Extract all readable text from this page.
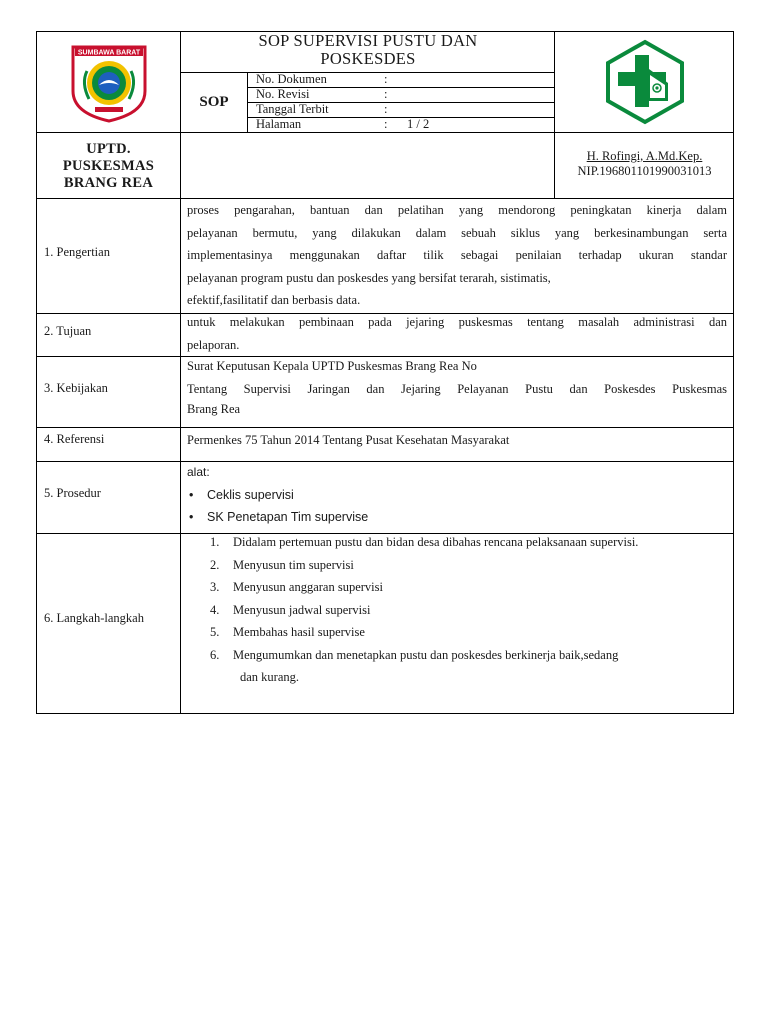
SUMBAWA BARAT
SOP SUPERVISI PUSTU DAN
POSKESDES
SOP
No. Dokumen	:
No. Revisi	:
Tanggal Terbit	:
Halaman	: 1 / 2
UPTD.
PUSKESMAS
BRANG REA
H. Rofingi, A.Md.Kep.
NIP.196801101990031013
1. Pengertian
proses pengarahan, bantuan dan pelatihan yang mendorong peningkatan kinerja dalam
pelayanan bermutu, yang dilakukan dalam sebuah siklus yang berkesinambungan serta
implementasinya menggunakan daftar tilik sebagai penilaian terhadap ukuran standar
pelayanan program pustu dan poskesdes yang bersifat terarah, sistimatis,
efektif,fasilitatif dan berbasis data.
2. Tujuan
untuk melakukan pembinaan pada jejaring puskesmas tentang masalah administrasi dan
pelaporan.
3. Kebijakan
Surat Keputusan Kepala UPTD Puskesmas Brang Rea No
Tentang Supervisi Jaringan dan Jejaring Pelayanan Pustu dan Poskesdes Puskesmas
Brang Rea
4. Referensi	Permenkes 75 Tahun 2014 Tentang Pusat Kesehatan Masyarakat
5. Prosedur
alat:
• Ceklis supervisi
• SK Penetapan Tim supervise
6. Langkah-langkah
1. Didalam pertemuan pustu dan bidan desa dibahas rencana pelaksanaan supervisi.
2. Menyusun tim supervisi
3. Menyusun anggaran supervisi
4. Menyusun jadwal supervisi
5. Membahas hasil supervise
6. Mengumumkan dan menetapkan pustu dan poskesdes berkinerja baik,sedang
dan kurang.
